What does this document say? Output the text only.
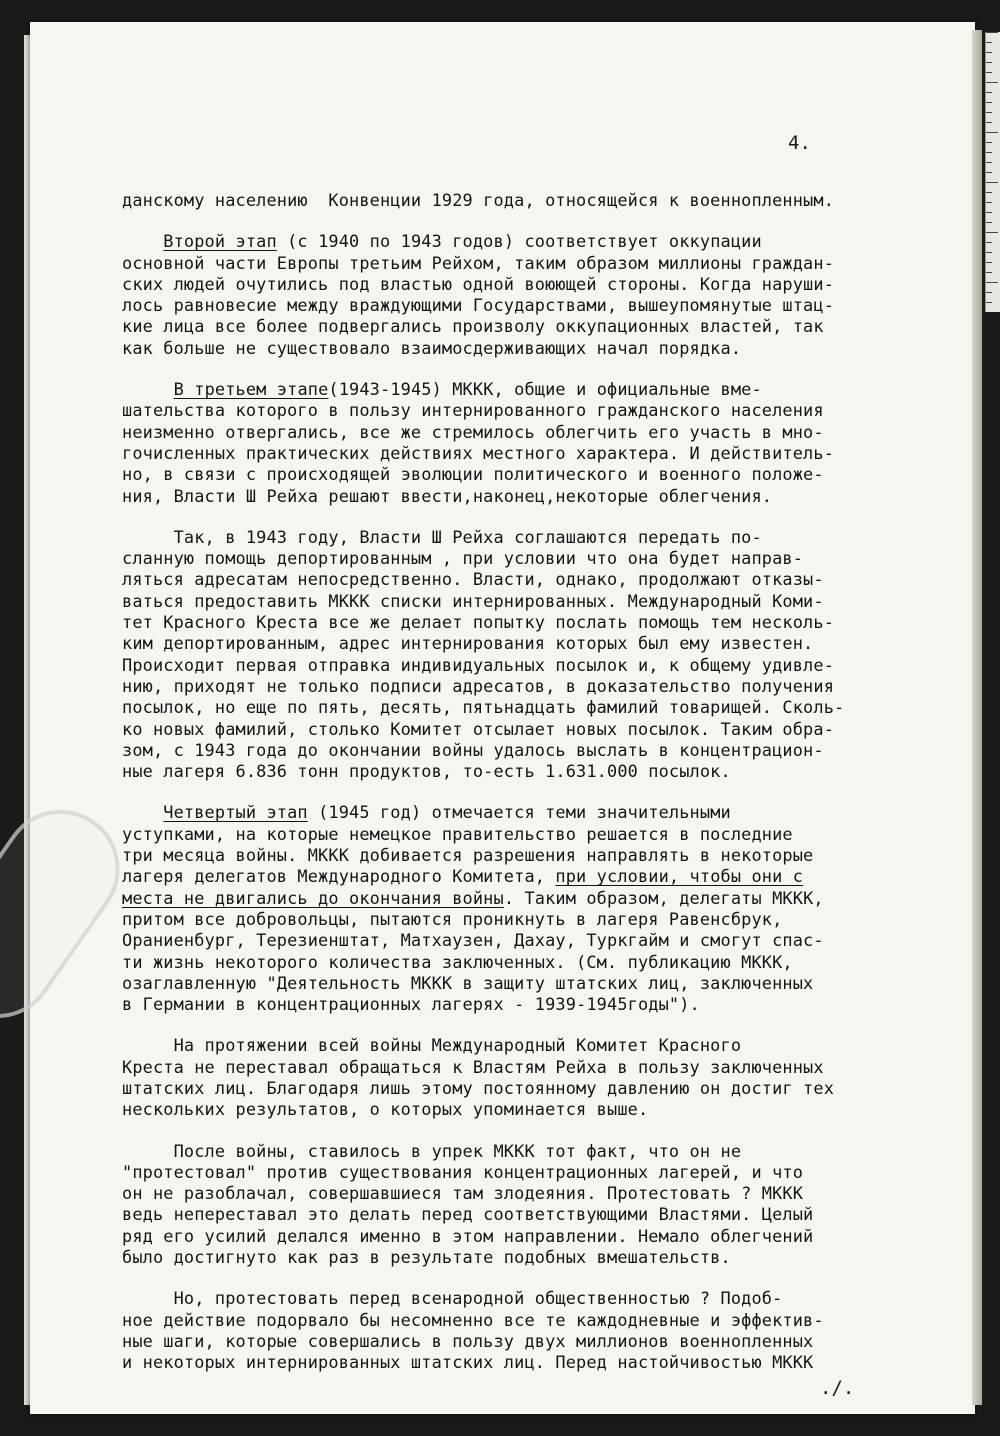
4.
данскому населению  Конвенции 1929 года, относящейся к военнопленным.
Второй этап (с 1940 по 1943 годов) соответствует оккупации
основной части Европы третьим Рейхом, таким образом миллионы граждан-
ских людей очутились под властью одной воюющей стороны. Когда наруши-
лось равновесие между враждующими Государствами, вышеупомянутые штац-
кие лица все более подвергались произволу оккупационных властей, так
как больше не существовало взаимосдерживающих начал порядка.
В третьем этапе(1943-1945) МККК, общие и официальные вме-
шательства которого в пользу интернированного гражданского населения
неизменно отвергались, все же стремилось облегчить его участь в мно-
гочисленных практических действиях местного характера. И действитель-
но, в связи с происходящей эволюции политического и военного положе-
ния, Власти Ш Рейха решают ввести,наконец,некоторые облегчения.
Так, в 1943 году, Власти Ш Рейха соглашаются передать по-
сланную помощь депортированным , при условии что она будет направ-
ляться адресатам непосредственно. Власти, однако, продолжают отказы-
ваться предоставить МККК списки интернированных. Международный Коми-
тет Красного Креста все же делает попытку послать помощь тем несколь-
ким депортированным, адрес интернирования которых был ему известен.
Происходит первая отправка индивидуальных посылок и, к общему удивле-
нию, приходят не только подписи адресатов, в доказательство получения
посылок, но еще по пять, десять, пятьнадцать фамилий товарищей. Сколь-
ко новых фамилий, столько Комитет отсылает новых посылок. Таким обра-
зом, с 1943 года до окончании войны удалось выслать в концентрацион-
ные лагеря 6.836 тонн продуктов, то-есть 1.631.000 посылок.
Четвертый этап (1945 год) отмечается теми значительными
уступками, на которые немецкое правительство решается в последние
три месяца войны. МККК добивается разрешения направлять в некоторые
лагеря делегатов Международного Комитета, при условии, чтобы они с
места не двигались до окончания войны. Таким образом, делегаты МККК,
притом все добровольцы, пытаются проникнуть в лагеря Равенсбрук,
Ораниенбург, Терезиенштат, Матхаузен, Дахау, Туркгайм и смогут спас-
ти жизнь некоторого количества заключенных. (См. публикацию МККК,
озаглавленную "Деятельность МККК в защиту штатских лиц, заключенных
в Германии в концентрационных лагерях - 1939-1945годы").
На протяжении всей войны Международный Комитет Красного
Креста не переставал обращаться к Властям Рейха в пользу заключенных
штатских лиц. Благодаря лишь этому постоянному давлению он достиг тех
нескольких результатов, о которых упоминается выше.
После войны, ставилось в упрек МККК тот факт, что он не
"протестовал" против существования концентрационных лагерей, и что
он не разоблачал, совершавшиеся там злодеяния. Протестовать ? МККК
ведь непереставал это делать перед соответствующими Властями. Целый
ряд его усилий делался именно в этом направлении. Немало облегчений
было достигнуто как раз в результате подобных вмешательств.
Но, протестовать перед всенародной общественностью ? Подоб-
ное действие подорвало бы несомненно все те каждодневные и эффектив-
ные шаги, которые совершались в пользу двух миллионов военнопленных
и некоторых интернированных штатских лиц. Перед настойчивостью МККК
./.
